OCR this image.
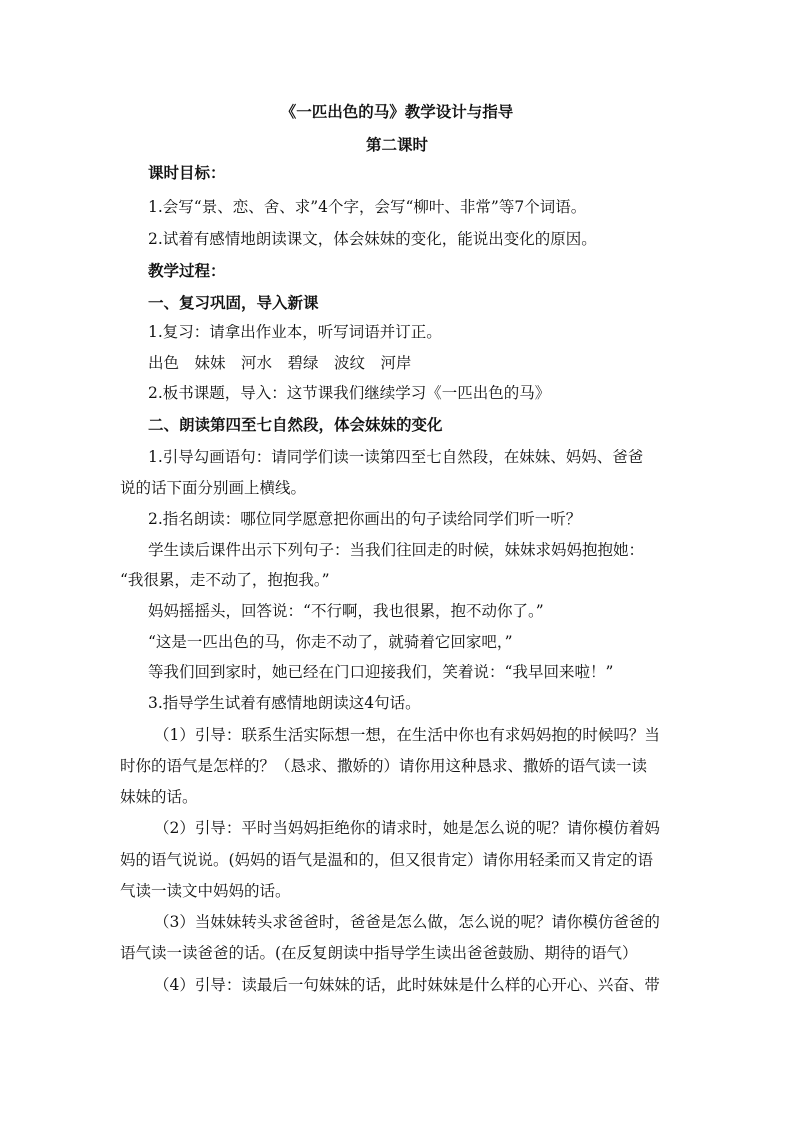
《一匹出色的马》教学设计与指导
第二课时
课时目标：
1.会写“景、恋、舍、求”4个字，会写“柳叶、非常”等7个词语。
2.试着有感情地朗读课文，体会妹妹的变化，能说出变化的原因。
教学过程：
一、复习巩固，导入新课
1.复习：请拿出作业本，听写词语并订正。
出色　妹妹　河水　碧绿　波纹　河岸
2.板书课题，导入：这节课我们继续学习《一匹出色的马》
二、朗读第四至七自然段，体会妹妹的变化
1.引导勾画语句：请同学们读一读第四至七自然段，在妹妹、妈妈、爸爸
说的话下面分别画上横线。
2.指名朗读：哪位同学愿意把你画出的句子读给同学们听一听？
学生读后课件出示下列句子：当我们往回走的时候，妹妹求妈妈抱抱她：
“我很累，走不动了，抱抱我。”
妈妈摇摇头，回答说：“不行啊，我也很累，抱不动你了。”
“这是一匹出色的马，你走不动了，就骑着它回家吧，”
等我们回到家时，她已经在门口迎接我们，笑着说：“我早回来啦！”
3.指导学生试着有感情地朗读这4句话。
（1）引导：联系生活实际想一想，在生活中你也有求妈妈抱的时候吗？当
时你的语气是怎样的？（恳求、撒娇的）请你用这种恳求、撒娇的语气读一读
妹妹的话。
（2）引导：平时当妈妈拒绝你的请求时，她是怎么说的呢？请你模仿着妈
妈的语气说说。(妈妈的语气是温和的，但又很肯定）请你用轻柔而又肯定的语
气读一读文中妈妈的话。
（3）当妹妹转头求爸爸时，爸爸是怎么做，怎么说的呢？请你模仿爸爸的
语气读一读爸爸的话。(在反复朗读中指导学生读出爸爸鼓励、期待的语气）
（4）引导：读最后一句妹妹的话，此时妹妹是什么样的心开心、兴奋、带
